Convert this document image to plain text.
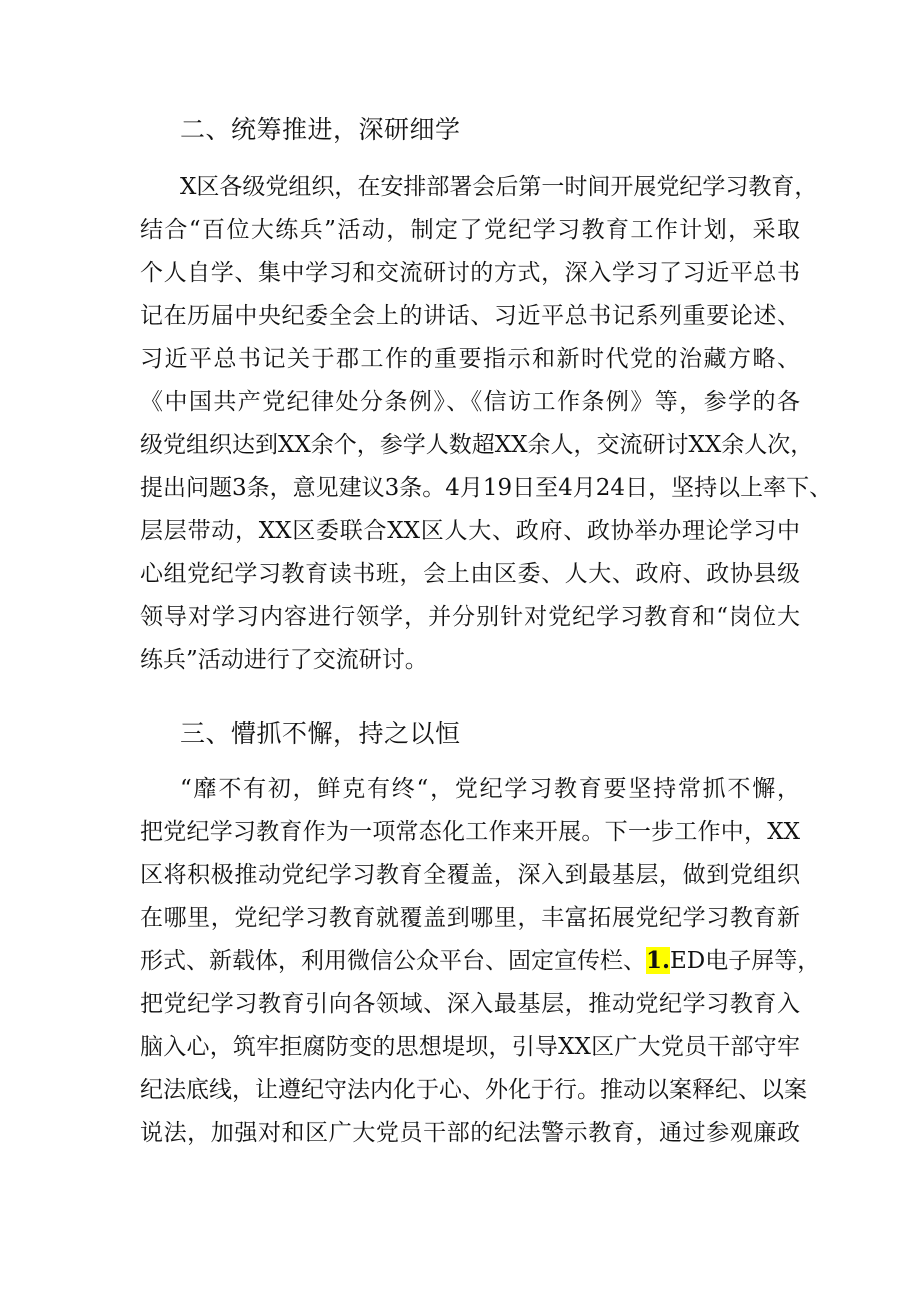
二、统筹推进，深研细学
X区各级党组织，在安排部署会后第一时间开展党纪学习教育，
结合“百位大练兵”活动，制定了党纪学习教育工作计划，采取
个人自学、集中学习和交流研讨的方式，深入学习了习近平总书
记在历届中央纪委全会上的讲话、习近平总书记系列重要论述、
习近平总书记关于郡工作的重要指示和新时代党的治藏方略、
《中国共产党纪律处分条例》、《信访工作条例》等，参学的各
级党组织达到XX余个，参学人数超XX余人，交流研讨XX余人次，
提出问题3条，意见建议3条。4月19日至4月24日，坚持以上率下、
层层带动，XX区委联合XX区人大、政府、政协举办理论学习中
心组党纪学习教育读书班，会上由区委、人大、政府、政协县级
领导对学习内容进行领学，并分别针对党纪学习教育和“岗位大
练兵”活动进行了交流研讨。
三、懵抓不懈，持之以恒
“靡不有初，鲜克有终“，党纪学习教育要坚持常抓不懈，
把党纪学习教育作为一项常态化工作来开展。下一步工作中，XX
区将积极推动党纪学习教育全覆盖，深入到最基层，做到党组织
在哪里，党纪学习教育就覆盖到哪里，丰富拓展党纪学习教育新
形式、新载体，利用微信公众平台、固定宣传栏、1.ED电子屏等，
把党纪学习教育引向各领域、深入最基层，推动党纪学习教育入
脑入心，筑牢拒腐防变的思想堤坝，引导XX区广大党员干部守牢
纪法底线，让遵纪守法内化于心、外化于行。推动以案释纪、以案
说法，加强对和区广大党员干部的纪法警示教育，通过参观廉政
